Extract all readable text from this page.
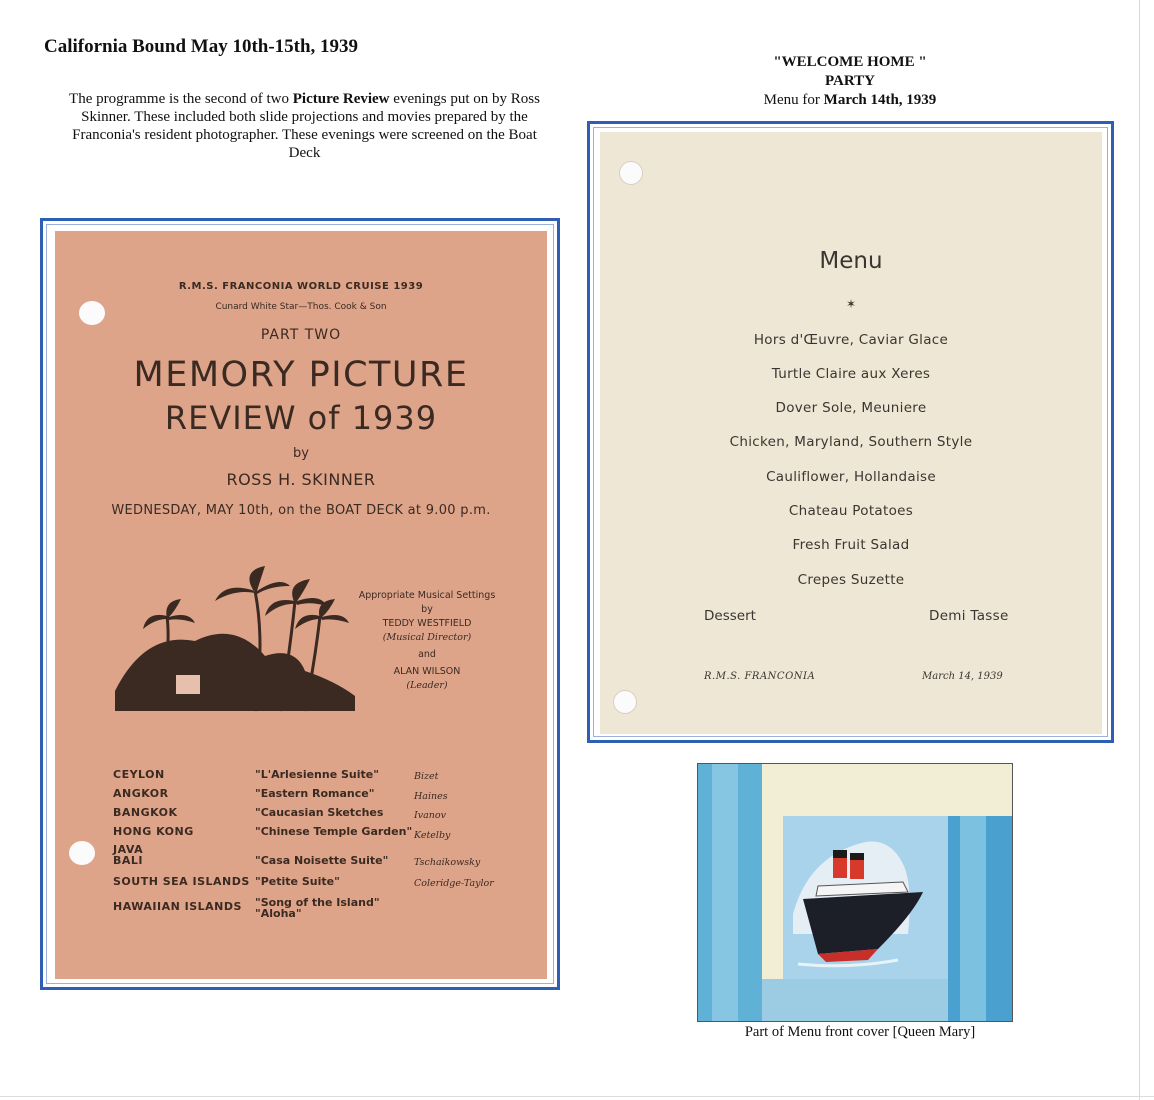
California Bound May 10th-15th, 1939
The programme is the second of two Picture Review evenings put on by Ross Skinner. These included both slide projections and movies prepared by the Franconia's resident photographer. These evenings were screened on the Boat Deck
"WELCOME HOME "
PARTY
Menu for March 14th, 1939
R.M.S. FRANCONIA WORLD CRUISE 1939
Cunard White Star—Thos. Cook & Son
PART TWO
MEMORY PICTURE
REVIEW of 1939
by
ROSS H. SKINNER
WEDNESDAY, MAY 10th, on the BOAT DECK at 9.00 p.m.
Appropriate Musical Settings
by
TEDDY WESTFIELD
(Musical Director)
and
ALAN WILSON
(Leader)
CEYLON	"L'Arlesienne Suite"	Bizet
ANGKOR	"Eastern Romance"	Haines
BANGKOK	"Caucasian Sketches	Ivanov
HONG KONG	"Chinese Temple Garden" Ketelby
JAVA
BALI	"Casa Noisette Suite"	Tschaikowsky
SOUTH SEA ISLANDS "Petite Suite"	Coleridge-Taylor
HAWAIIAN ISLANDS "Song of the Island"
"Aloha"
Menu
✶
Hors d'Œuvre, Caviar Glace
Turtle Claire aux Xeres
Dover Sole, Meuniere
Chicken, Maryland, Southern Style
Cauliflower, Hollandaise
Chateau Potatoes
Fresh Fruit Salad
Crepes Suzette
Dessert	Demi Tasse
R.M.S. FRANCONIA	March 14, 1939
Part of Menu front cover [Queen Mary]
